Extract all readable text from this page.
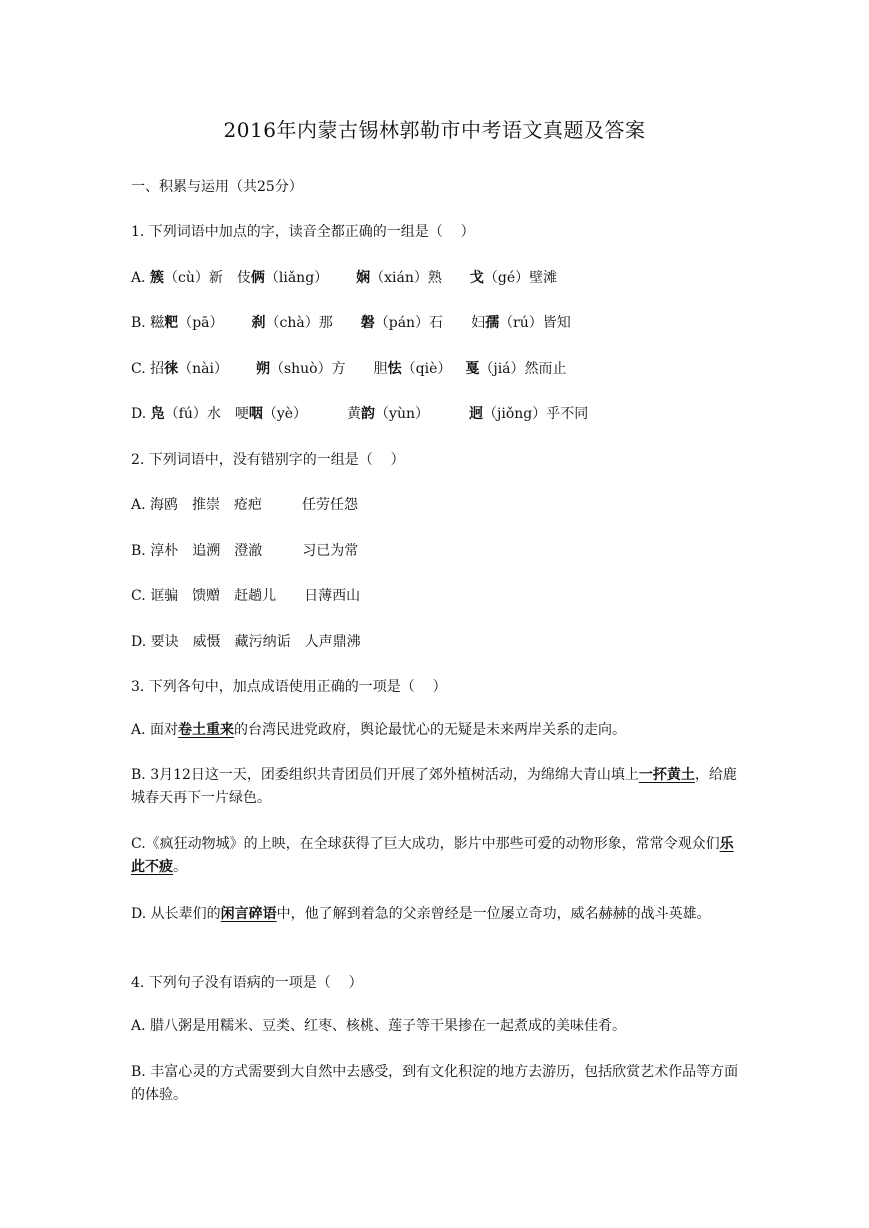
2016年内蒙古锡林郭勒市中考语文真题及答案
一、积累与运用（共25分）
1. 下列词语中加点的字，读音全都正确的一组是（    ）
A. 簇（cù）新 伎俩（liǎng） 娴（xián）熟 戈（gé）壁滩
B. 糍粑（pā） 刹（chà）那 磐（pán）石 妇孺（rú）皆知
C. 招徕（nài） 朔（shuò）方 胆怯（qiè） 戛（jiá）然而止
D. 凫（fú）水 哽咽（yè）	黄韵（yùn）	迥（jiǒng）乎不同
2. 下列词语中，没有错别字的一组是（    ）
A. 海鸥 推崇 疮疤	任劳任怨
B. 淳朴 追溯 澄澈	习已为常
C. 诓骗 馈赠 赶趟儿 日薄西山
D. 要诀 威慑 藏污纳诟 人声鼎沸
3. 下列各句中，加点成语使用正确的一项是（    ）
A. 面对卷土重来的台湾民进党政府，舆论最忧心的无疑是未来两岸关系的走向。
B. 3月12日这一天，团委组织共青团员们开展了郊外植树活动，为绵绵大青山填上一抔黄土，给鹿城春天再下一片绿色。
C.《疯狂动物城》的上映，在全球获得了巨大成功，影片中那些可爱的动物形象，常常令观众们乐此不疲。
D. 从长辈们的闲言碎语中，他了解到着急的父亲曾经是一位屡立奇功，威名赫赫的战斗英雄。
4. 下列句子没有语病的一项是（    ）
A. 腊八粥是用糯米、豆类、红枣、核桃、莲子等干果掺在一起煮成的美味佳肴。
B. 丰富心灵的方式需要到大自然中去感受，到有文化积淀的地方去游历，包括欣赏艺术作品等方面的体验。
